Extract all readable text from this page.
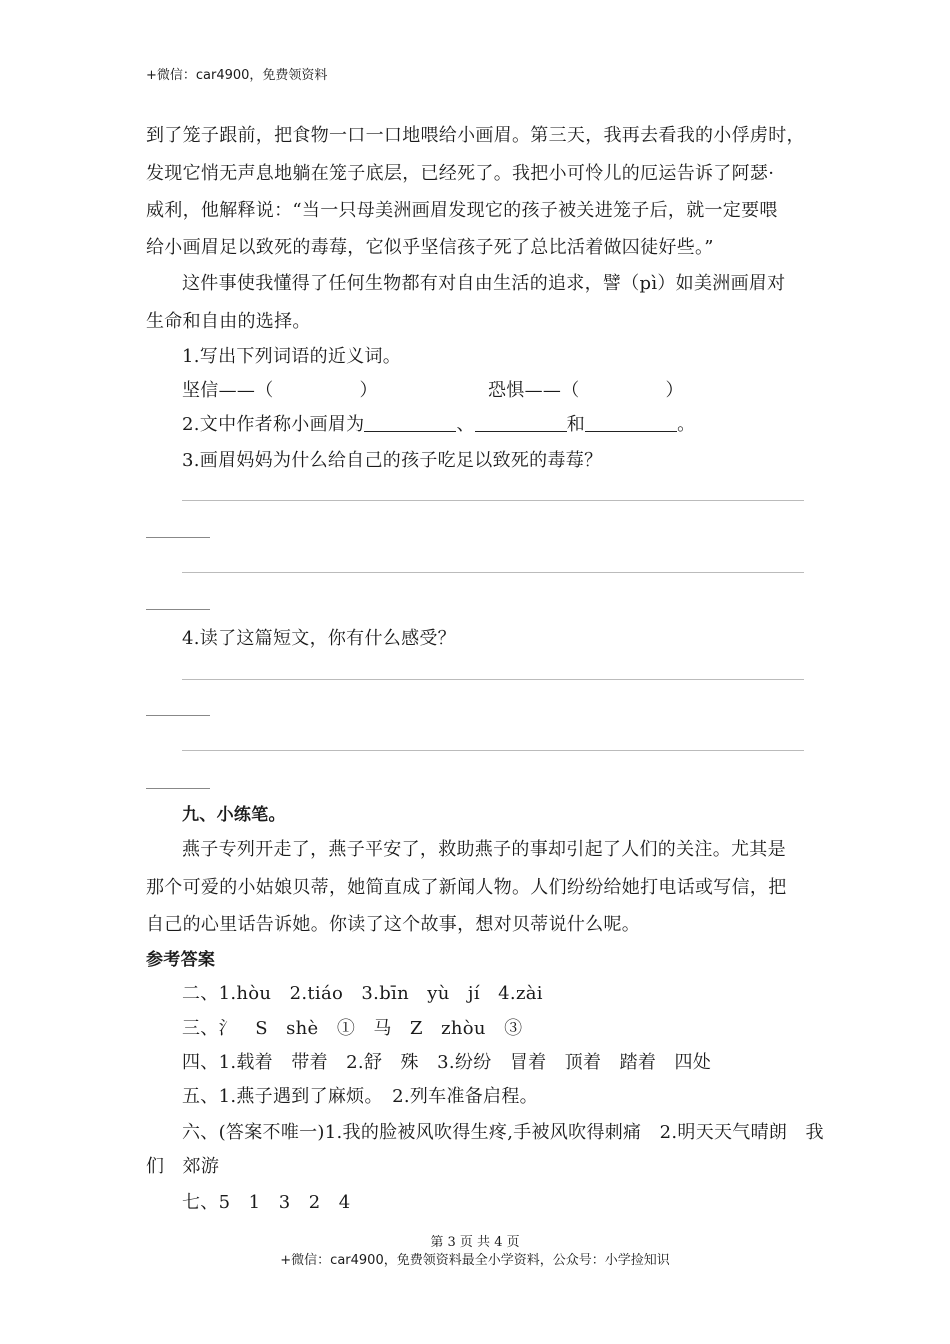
+微信：car4900，免费领资料
到了笼子跟前，把食物一口一口地喂给小画眉。第三天，我再去看我的小俘虏时，
发现它悄无声息地躺在笼子底层，已经死了。我把小可怜儿的厄运告诉了阿瑟·
威利，他解释说：“当一只母美洲画眉发现它的孩子被关进笼子后，就一定要喂
给小画眉足以致死的毒莓，它似乎坚信孩子死了总比活着做囚徒好些。”
这件事使我懂得了任何生物都有对自由生活的追求，譬（pì）如美洲画眉对
生命和自由的选择。
1.写出下列词语的近义词。
坚信——（	）	恐惧——（	）
2.文中作者称小画眉为	、	和	。
3.画眉妈妈为什么给自己的孩子吃足以致死的毒莓？
4.读了这篇短文，你有什么感受？
九、小练笔。
燕子专列开走了，燕子平安了，救助燕子的事却引起了人们的关注。尤其是
那个可爱的小姑娘贝蒂，她简直成了新闻人物。人们纷纷给她打电话或写信，把
自己的心里话告诉她。你读了这个故事，想对贝蒂说什么呢。
参考答案
二、1.hòu　2.tiáo　3.bīn　yù　jí　4.zài
三、氵　S　shè　①　马　Z　zhòu　③
四、1.载着　带着　2.舒　殊　3.纷纷　冒着　顶着　踏着　四处
五、1.燕子遇到了麻烦。　2.列车准备启程。
六、(答案不唯一)1.我的脸被风吹得生疼,手被风吹得刺痛　2.明天天气晴朗　我
们　郊游
七、5　1　3　2　4
第 3 页 共 4 页
+微信：car4900，免费领资料最全小学资料，公众号：小学捡知识
